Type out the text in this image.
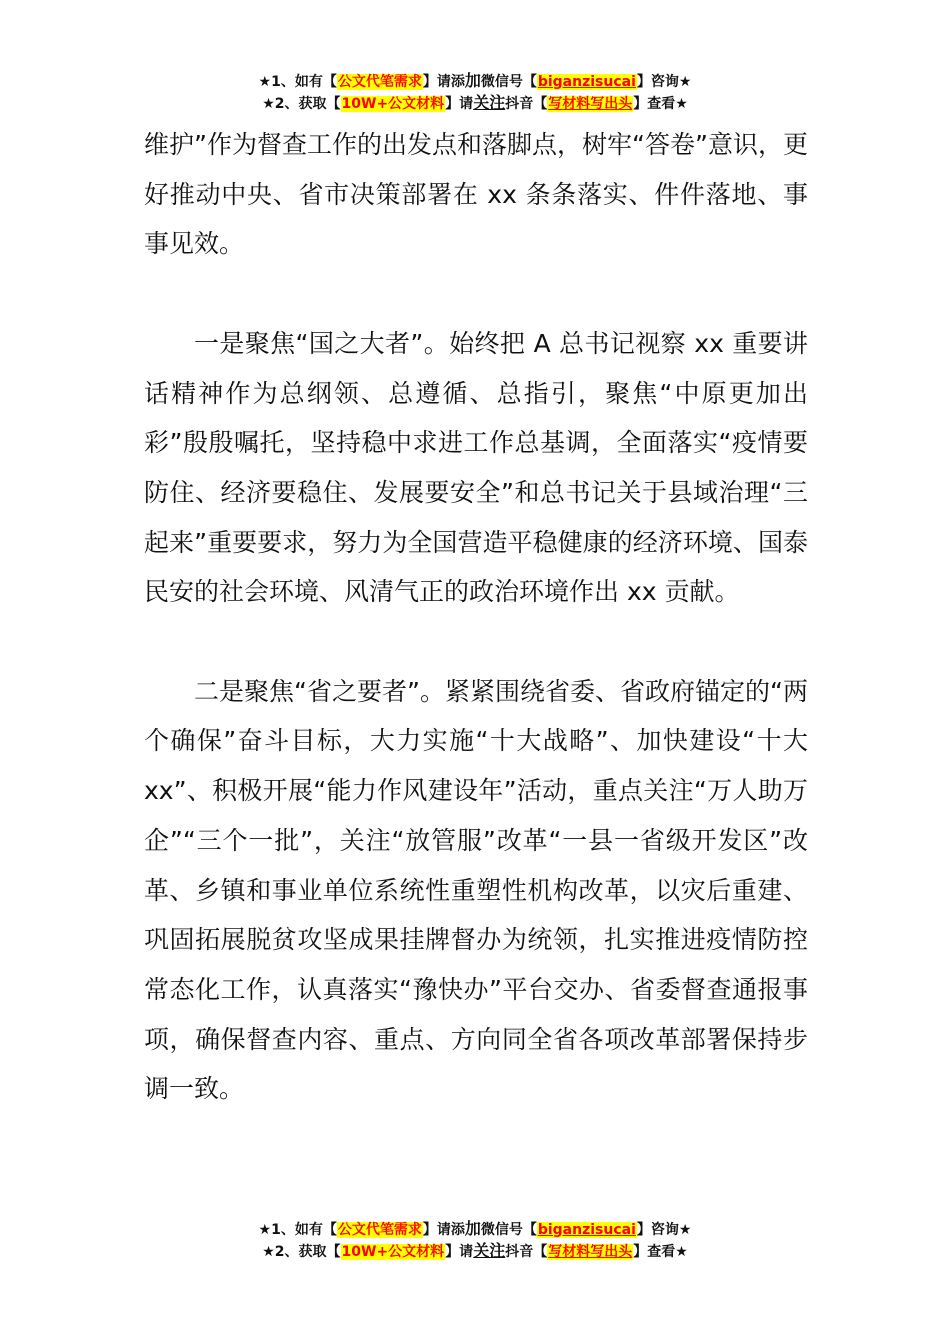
★1、如有【公文代笔需求】请添加微信号【biganzisucai】咨询★
★2、获取【10W+公文材料】请关注抖音【写材料写出头】查看★

维护”作为督查工作的出发点和落脚点，树牢“答卷”意识，更好推动中央、省市决策部署在 xx 条条落实、件件落地、事事见效。

一是聚焦“国之大者”。始终把 A 总书记视察 xx 重要讲话精神作为总纲领、总遵循、总指引，聚焦“中原更加出彩”殷殷嘱托，坚持稳中求进工作总基调，全面落实“疫情要防住、经济要稳住、发展要安全”和总书记关于县域治理“三起来”重要要求，努力为全国营造平稳健康的经济环境、国泰民安的社会环境、风清气正的政治环境作出 xx 贡献。

二是聚焦“省之要者”。紧紧围绕省委、省政府锚定的“两个确保”奋斗目标，大力实施“十大战略”、加快建设“十大 xx”、积极开展“能力作风建设年”活动，重点关注“万人助万企”“三个一批”，关注“放管服”改革“一县一省级开发区”改革、乡镇和事业单位系统性重塑性机构改革，以灾后重建、巩固拓展脱贫攻坚成果挂牌督办为统领，扎实推进疫情防控常态化工作，认真落实“豫快办”平台交办、省委督查通报事项，确保督查内容、重点、方向同全省各项改革部署保持步调一致。

★1、如有【公文代笔需求】请添加微信号【biganzisucai】咨询★
★2、获取【10W+公文材料】请关注抖音【写材料写出头】查看★
